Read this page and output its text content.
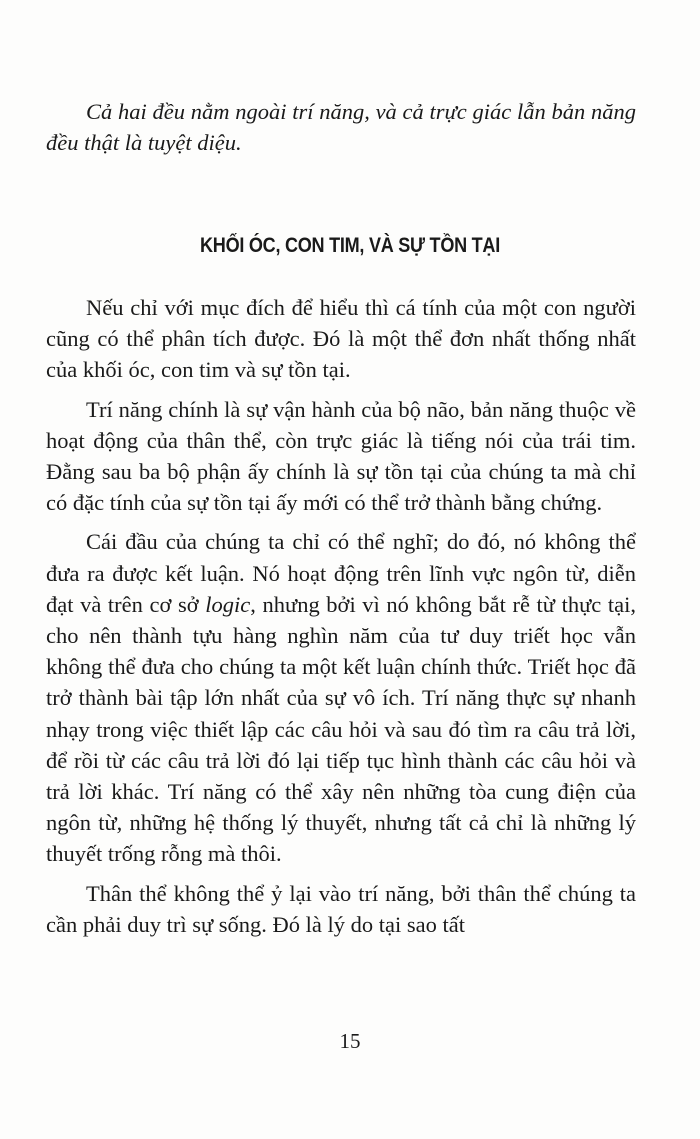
Cả hai đều nằm ngoài trí năng, và cả trực giác lẫn bản năng đều thật là tuyệt diệu.

KHỐI ÓC, CON TIM, VÀ SỰ TỒN TẠI

Nếu chỉ với mục đích để hiểu thì cá tính của một con người cũng có thể phân tích được. Đó là một thể đơn nhất thống nhất của khối óc, con tim và sự tồn tại.

Trí năng chính là sự vận hành của bộ não, bản năng thuộc về hoạt động của thân thể, còn trực giác là tiếng nói của trái tim. Đằng sau ba bộ phận ấy chính là sự tồn tại của chúng ta mà chỉ có đặc tính của sự tồn tại ấy mới có thể trở thành bằng chứng.

Cái đầu của chúng ta chỉ có thể nghĩ; do đó, nó không thể đưa ra được kết luận. Nó hoạt động trên lĩnh vực ngôn từ, diễn đạt và trên cơ sở logic, nhưng bởi vì nó không bắt rễ từ thực tại, cho nên thành tựu hàng nghìn năm của tư duy triết học vẫn không thể đưa cho chúng ta một kết luận chính thức. Triết học đã trở thành bài tập lớn nhất của sự vô ích. Trí năng thực sự nhanh nhạy trong việc thiết lập các câu hỏi và sau đó tìm ra câu trả lời, để rồi từ các câu trả lời đó lại tiếp tục hình thành các câu hỏi và trả lời khác. Trí năng có thể xây nên những tòa cung điện của ngôn từ, những hệ thống lý thuyết, nhưng tất cả chỉ là những lý thuyết trống rỗng mà thôi.

Thân thể không thể ỷ lại vào trí năng, bởi thân thể chúng ta cần phải duy trì sự sống. Đó là lý do tại sao tất

15
